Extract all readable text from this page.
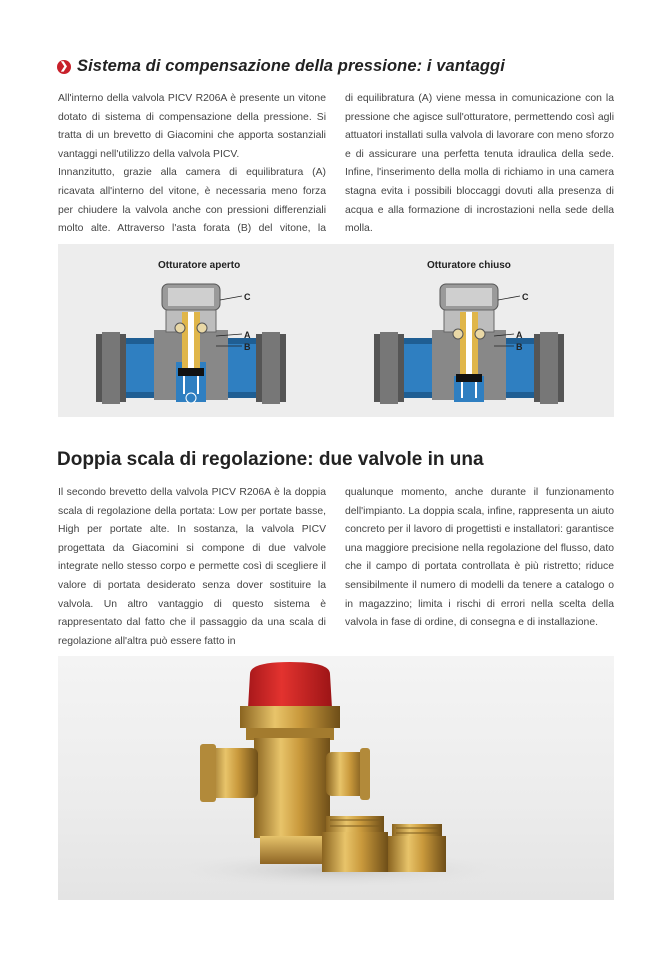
❯ Sistema di compensazione della pressione: i vantaggi

All'interno della valvola PICV R206A è presente un vitone dotato di sistema di compensazione della pressione. Si tratta di un brevetto di Giacomini che apporta sostanziali vantaggi nell'utilizzo della valvola PICV.

Innanzitutto, grazie alla camera di equilibratura (A) ricavata all'interno del vitone, è necessaria meno forza per chiudere la valvola anche con pressioni differenziali molto alte. Attraverso l'asta forata (B) del vitone, la

di equilibratura (A) viene messa in comunicazione con la pressione che agisce sull'otturatore, permettendo così agli attuatori installati sulla valvola di lavorare con meno sforzo e di assicurare una perfetta tenuta idraulica della sede. Infine, l'inserimento della molla di richiamo in una camera stagna evita i possibili bloccaggi dovuti alla presenza di acqua e alla formazione di incrostazioni nella sede della molla.

Otturatore aperto	Otturatore chiuso
C
A
B
C
A
B
Doppia scala di regolazione: due valvole in una

Il secondo brevetto della valvola PICV R206A è la doppia scala di regolazione della portata: Low per portate basse, High per portate alte. In sostanza, la valvola PICV progettata da Giacomini si compone di due valvole integrate nello stesso corpo e permette così di scegliere il valore di portata desiderato senza dover sostituire la valvola. Un altro vantaggio di questo sistema è rappresentato dal fatto che il passaggio da una scala di regolazione all'altra può essere fatto in

qualunque momento, anche durante il funzionamento dell'impianto. La doppia scala, infine, rappresenta un aiuto concreto per il lavoro di progettisti e installatori: garantisce una maggiore precisione nella regolazione del flusso, dato che il campo di portata controllata è più ristretto; riduce sensibilmente il numero di modelli da tenere a catalogo o in magazzino; limita i rischi di errori nella scelta della valvola in fase di ordine, di consegna e di installazione.
